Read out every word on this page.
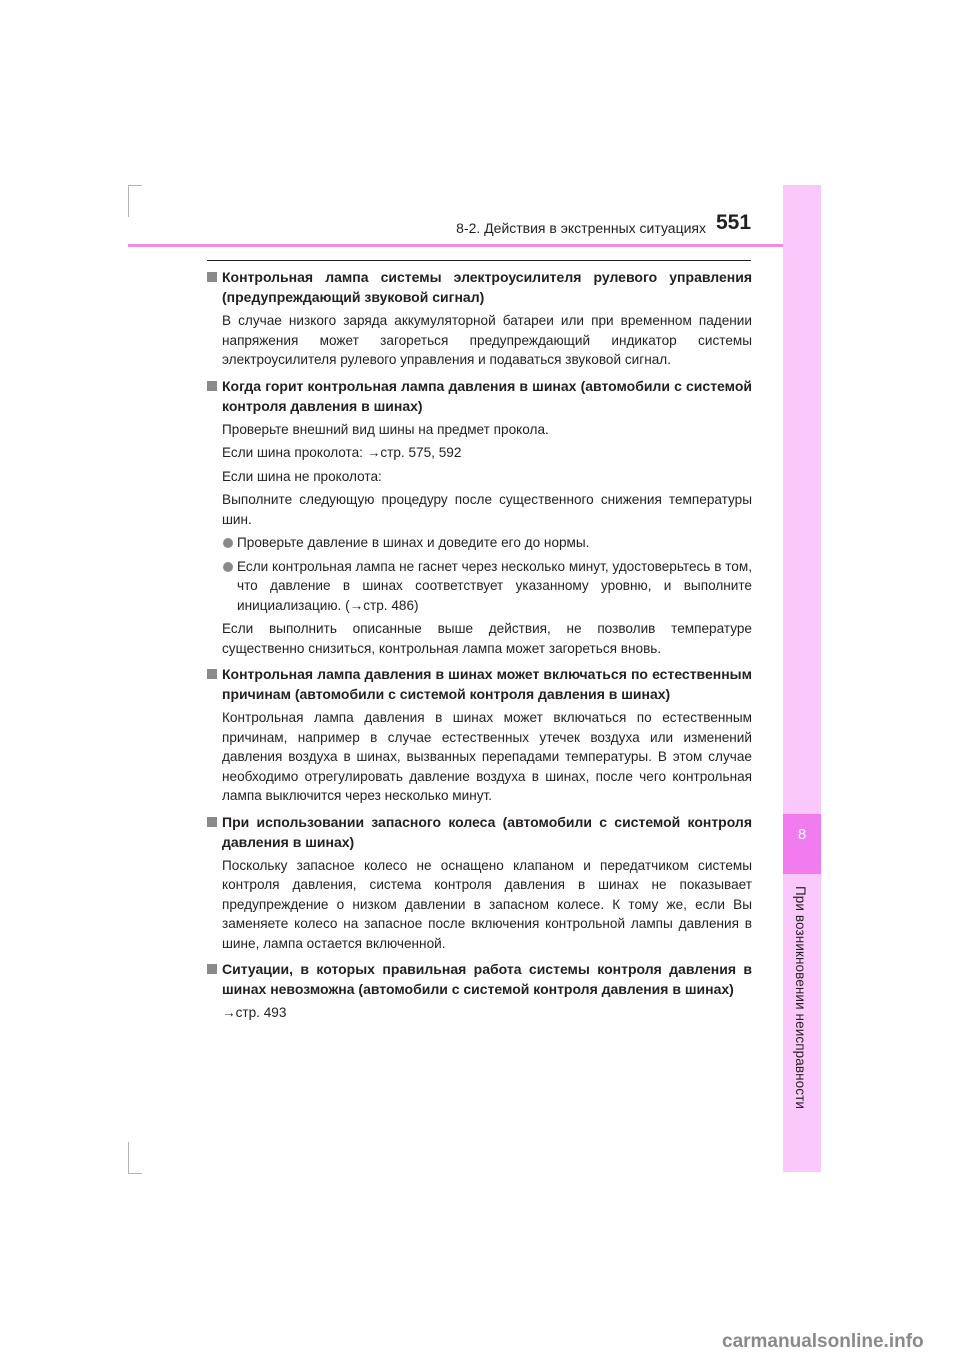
8-2. Действия в экстренных ситуациях 551
8
При возникновении неисправности
Контрольная лампа системы электроусилителя рулевого управления (предупреждающий звуковой сигнал)
В случае низкого заряда аккумуляторной батареи или при временном падении напряжения может загореться предупреждающий индикатор системы электроусилителя рулевого управления и подаваться звуковой сигнал.
Когда горит контрольная лампа давления в шинах (автомобили с системой контроля давления в шинах)
Проверьте внешний вид шины на предмет прокола.
Если шина проколота: →стр. 575, 592
Если шина не проколота:
Выполните следующую процедуру после существенного снижения температуры шин.
Проверьте давление в шинах и доведите его до нормы.
Если контрольная лампа не гаснет через несколько минут, удостоверьтесь в том, что давление в шинах соответствует указанному уровню, и выполните инициализацию. (→стр. 486)
Если выполнить описанные выше действия, не позволив температуре существенно снизиться, контрольная лампа может загореться вновь.
Контрольная лампа давления в шинах может включаться по естественным причинам (автомобили с системой контроля давления в шинах)
Контрольная лампа давления в шинах может включаться по естественным причинам, например в случае естественных утечек воздуха или изменений давления воздуха в шинах, вызванных перепадами температуры. В этом случае необходимо отрегулировать давление воздуха в шинах, после чего контрольная лампа выключится через несколько минут.
При использовании запасного колеса (автомобили с системой контроля давления в шинах)
Поскольку запасное колесо не оснащено клапаном и передатчиком системы контроля давления, система контроля давления в шинах не показывает предупреждение о низком давлении в запасном колесе. К тому же, если Вы заменяете колесо на запасное после включения контрольной лампы давления в шине, лампа остается включенной.
Ситуации, в которых правильная работа системы контроля давления в шинах невозможна (автомобили с системой контроля давления в шинах)
→стр. 493
carmanualsonline.info
